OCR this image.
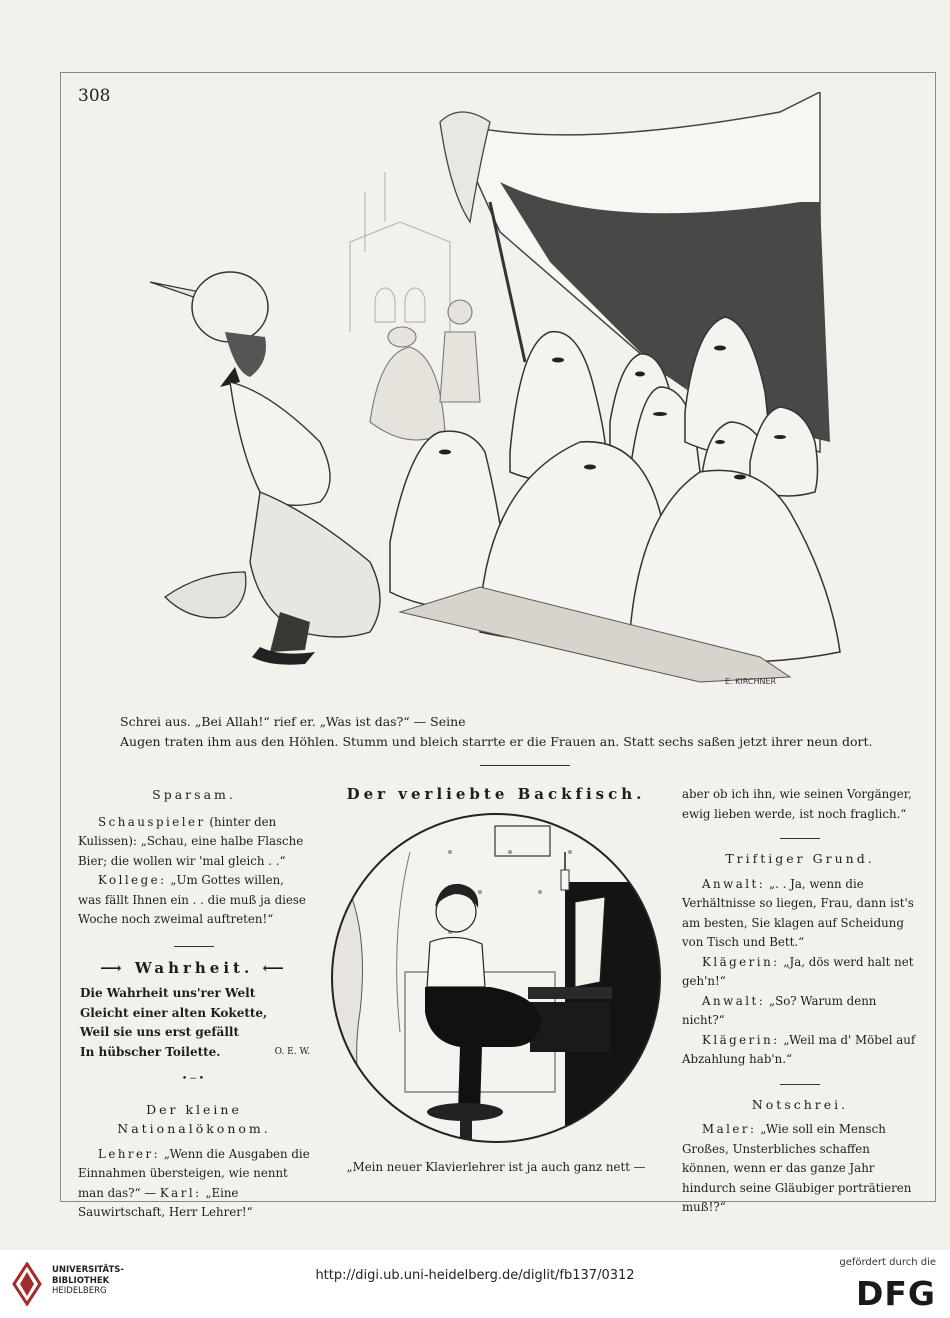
308
E. KIRCHNER
Schrei aus. „Bei Allah!“ rief er. „Was ist das?“ — Seine
Augen traten ihm aus den Höhlen. Stumm und bleich starrte er die Frauen an. Statt sechs saßen jetzt ihrer neun dort.

Sparsam.

Schauspieler (hinter den Kulissen): „Schau, eine halbe Flasche Bier; die wollen wir 'mal gleich . .“

Kollege: „Um Gottes willen, was fällt Ihnen ein . . die muß ja diese Woche noch zweimal auftreten!“

⟶ Wahrheit. ⟵

Die Wahrheit uns'rer Welt

Gleicht einer alten Kokette,

Weil sie uns erst gefällt

In hübscher Toilette.	O. E. W.

•−•

Der kleine Nationalökonom.

Lehrer: „Wenn die Ausgaben die Einnahmen übersteigen, wie nennt man das?“ — Karl: „Eine Sauwirtschaft, Herr Lehrer!“

Der verliebte Backfisch.

„Mein neuer Klavierlehrer ist ja auch ganz nett —

aber ob ich ihn, wie seinen Vorgänger, ewig lieben werde, ist noch fraglich.“

Triftiger Grund.

Anwalt: „. . Ja, wenn die Verhältnisse so liegen, Frau, dann ist's am besten, Sie klagen auf Scheidung von Tisch und Bett.“

Klägerin: „Ja, dös werd halt net geh'n!“

Anwalt: „So? Warum denn nicht?“

Klägerin: „Weil ma d' Möbel auf Abzahlung hab'n.“

Notschrei.

Maler: „Wie soll ein Mensch Großes, Unsterbliches schaffen können, wenn er das ganze Jahr hindurch seine Gläubiger porträtieren muß!?“

UNIVERSITÄTS-
BIBLIOTHEK
HEIDELBERG
http://digi.ub.uni-heidelberg.de/diglit/fb137/0312
gefördert durch die
DFG
